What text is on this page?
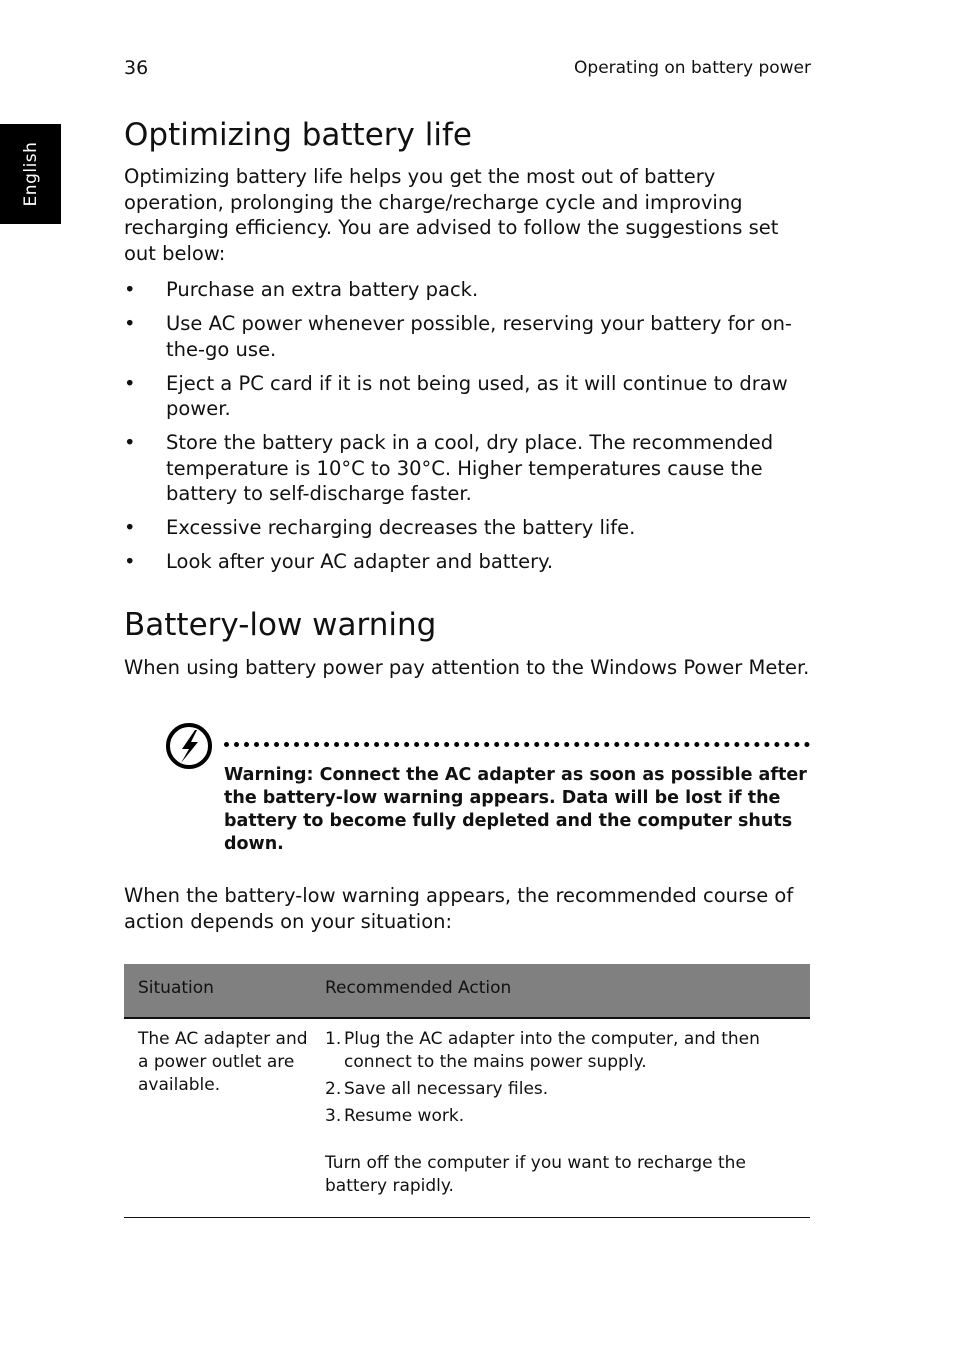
36	Operating on battery power
English
Optimizing battery life

Optimizing battery life helps you get the most out of battery operation, prolonging the charge/recharge cycle and improving recharging efficiency. You are advised to follow the suggestions set out below:

• Purchase an extra battery pack.
• Use AC power whenever possible, reserving your battery for on-the-go use.
• Eject a PC card if it is not being used, as it will continue to draw power.
• Store the battery pack in a cool, dry place. The recommended temperature is 10°C to 30°C. Higher temperatures cause the battery to self-discharge faster.
• Excessive recharging decreases the battery life.
• Look after your AC adapter and battery.
Battery-low warning

When using battery power pay attention to the Windows Power Meter.

Warning: Connect the AC adapter as soon as possible after the battery-low warning appears. Data will be lost if the battery to become fully depleted and the computer shuts down.

When the battery-low warning appears, the recommended course of action depends on your situation:

Situation	Recommended Action
The AC adapter and a power outlet are available.
1. Plug the AC adapter into the computer, and then connect to the mains power supply.
2. Save all necessary files.
3. Resume work.
Turn off the computer if you want to recharge the battery rapidly.
